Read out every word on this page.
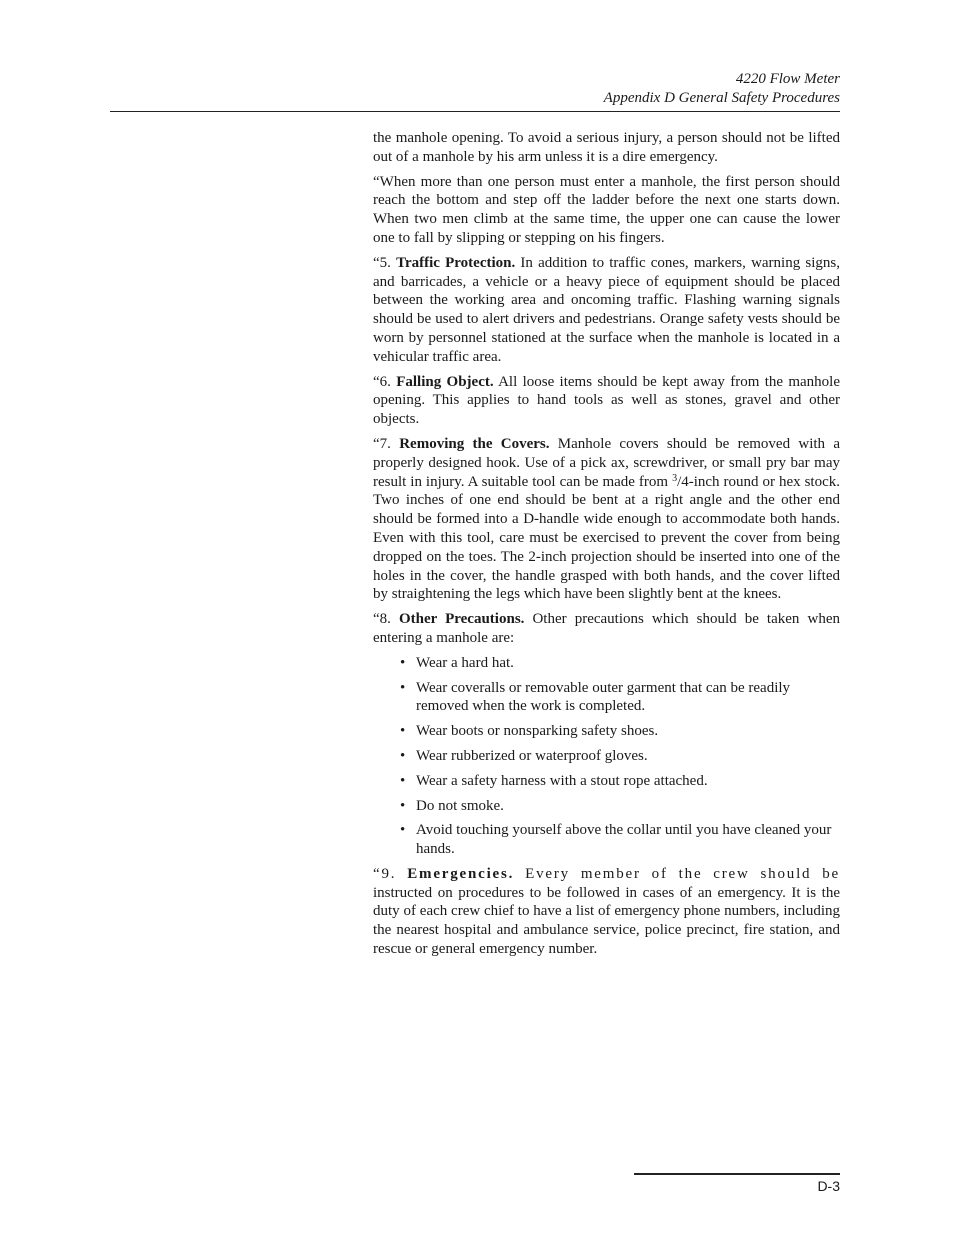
4220 Flow Meter
Appendix D General Safety Procedures

the manhole opening. To avoid a serious injury, a person should not be lifted out of a manhole by his arm unless it is a dire emergency.

“When more than one person must enter a manhole, the first person should reach the bottom and step off the ladder before the next one starts down. When two men climb at the same time, the upper one can cause the lower one to fall by slipping or stepping on his fingers.

“5. Traffic Protection. In addition to traffic cones, markers, warning signs, and barricades, a vehicle or a heavy piece of equipment should be placed between the working area and oncoming traffic. Flashing warning signals should be used to alert drivers and pedestrians. Orange safety vests should be worn by personnel stationed at the surface when the manhole is located in a vehicular traffic area.

“6. Falling Object. All loose items should be kept away from the manhole opening. This applies to hand tools as well as stones, gravel and other objects.

“7. Removing the Covers. Manhole covers should be removed with a properly designed hook. Use of a pick ax, screwdriver, or small pry bar may result in injury. A suitable tool can be made from $^3$/4-inch round or hex stock. Two inches of one end should be bent at a right angle and the other end should be formed into a D-handle wide enough to accommodate both hands. Even with this tool, care must be exercised to prevent the cover from being dropped on the toes. The 2-inch projection should be inserted into one of the holes in the cover, the handle grasped with both hands, and the cover lifted by straightening the legs which have been slightly bent at the knees.

“8. Other Precautions. Other precautions which should be taken when entering a manhole are:

• Wear a hard hat.
• Wear coveralls or removable outer garment that can be readily removed when the work is completed.
• Wear boots or nonsparking safety shoes.
• Wear rubberized or waterproof gloves.
• Wear a safety harness with a stout rope attached.
• Do not smoke.
• Avoid touching yourself above the collar until you have cleaned your hands.

“9. Emergencies. Every member of the crew should be instructed on procedures to be followed in cases of an emergency. It is the duty of each crew chief to have a list of emergency phone numbers, including the nearest hospital and ambulance service, police precinct, fire station, and rescue or general emergency number.

D-3
